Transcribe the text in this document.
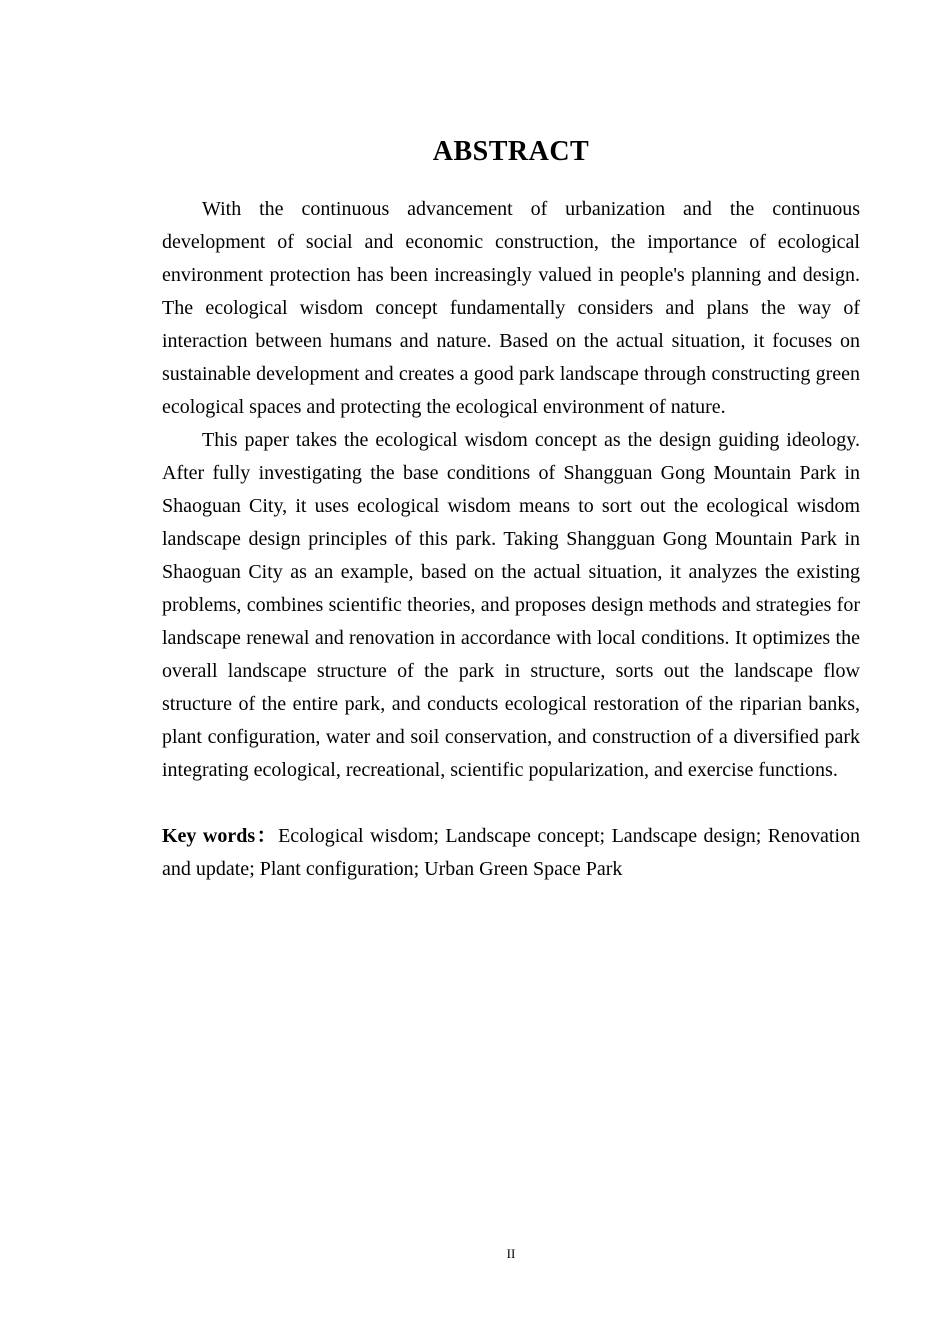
ABSTRACT

With the continuous advancement of urbanization and the continuous development of social and economic construction, the importance of ecological environment protection has been increasingly valued in people's planning and design. The ecological wisdom concept fundamentally considers and plans the way of interaction between humans and nature. Based on the actual situation, it focuses on sustainable development and creates a good park landscape through constructing green ecological spaces and protecting the ecological environment of nature.

This paper takes the ecological wisdom concept as the design guiding ideology. After fully investigating the base conditions of Shangguan Gong Mountain Park in Shaoguan City, it uses ecological wisdom means to sort out the ecological wisdom landscape design principles of this park. Taking Shangguan Gong Mountain Park in Shaoguan City as an example, based on the actual situation, it analyzes the existing problems, combines scientific theories, and proposes design methods and strategies for landscape renewal and renovation in accordance with local conditions. It optimizes the overall landscape structure of the park in structure, sorts out the landscape flow structure of the entire park, and conducts ecological restoration of the riparian banks, plant configuration, water and soil conservation, and construction of a diversified park integrating ecological, recreational, scientific popularization, and exercise functions.

Key words：Ecological wisdom; Landscape concept; Landscape design; Renovation and update; Plant configuration; Urban Green Space Park

II
